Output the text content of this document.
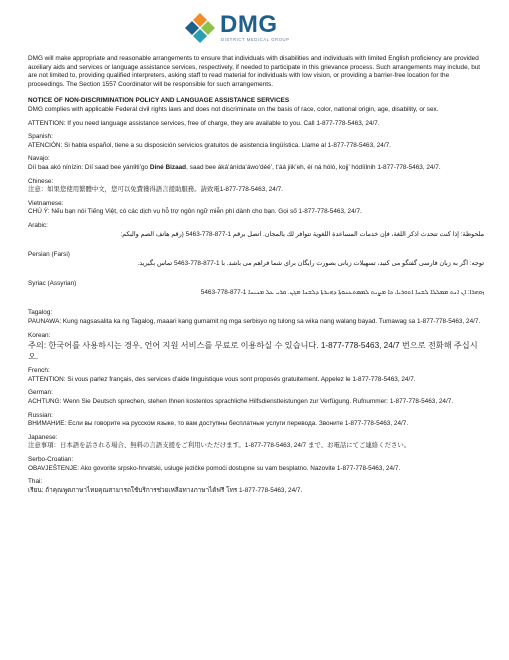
DMG
DISTRICT MEDICAL GROUP

DMG will make appropriate and reasonable arrangements to ensure that individuals with disabilities and individuals with limited English proficiency are provided auxiliary aids and services or language assistance services, respectively, if needed to participate in this grievance process. Such arrangements may include, but are not limited to, providing qualified interpreters, asking staff to read material for individuals with low vision, or providing a barrier-free location for the proceedings. The Section 1557 Coordinator will be responsible for such arrangements.

NOTICE OF NON-DISCRIMINATION POLICY AND LANGUAGE ASSISTANCE SERVICES

DMG complies with applicable Federal civil rights laws and does not discriminate on the basis of race, color, national origin, age, disability, or sex.

ATTENTION: If you need language assistance services, free of charge, they are available to you. Call 1-877-778-5463, 24/7.

Spanish:

ATENCIÓN: Si habla español, tiene a su disposición servicios gratuitos de asistencia lingüística. Llame al 1-877-778-5463, 24/7.

Navajo:

Díí baa akó nínízin: Díí saad bee yáníłti’go Diné Bizaad, saad bee áká’ánída’áwo’déé’, t’áá jiik’eh, éí ná hóló, kojį’ hódíílnih 1-877-778-5463, 24/7.

Chinese:

注意：如果您使用繁體中文，您可以免費獲得語言援助服務。請致電1-877-778-5463, 24/7.

Vietnamese:

CHÚ Ý: Nếu bạn nói Tiếng Việt, có các dịch vụ hỗ trợ ngôn ngữ miễn phí dành cho bạn. Gọi số 1-877-778-5463, 24/7.

Arabic:

ملحوظة: إذا كنت تتحدث اذكر اللغة، فإن خدمات المساعدة اللغوية تتوافر لك بالمجان. اتصل برقم 1-877-778-5463 (رقم هاتف الصم والبكم:

Persian (Farsi)

توجه: اگر به زبان فارسی گفتگو می کنید، تسهیلات زبانی بصورت رایگان برای شما فراهم می باشد. با 1-877-778-5463 تماس بگیرید.

Syriac (Assyrian)

ܙܘܗܪܐ: ܐܢ ܐܢܬ ܡܡܠܠܐ ܠܫܢܐ ܐܬܘܪܝܐ، ܟܐ ܡܨܝܬ ܠܡܣܬܥܢܘܬܐ ܕܗܝܪܬܐ ܕܠܫܢܐ ܡܓܢ. ܩܪܝ ܥܠ ܡܢܝܢܐ 1-877-778-5463

Tagalog:

PAUNAWA: Kung nagsasalita ka ng Tagalog, maaari kang gumamit ng mga serbisyo ng tulong sa wika nang walang bayad. Tumawag sa 1-877-778-5463, 24/7.

Korean:

주의: 한국어를 사용하시는 경우, 언어 지원 서비스를 무료로 이용하실 수 있습니다. 1-877-778-5463, 24/7 번으로 전화해 주십시오.

French:

ATTENTION: Si vous parlez français, des services d'aide linguistique vous sont proposés gratuitement. Appelez le 1-877-778-5463, 24/7.

German:

ACHTUNG: Wenn Sie Deutsch sprechen, stehen Ihnen kostenlos sprachliche Hilfsdienstleistungen zur Verfügung. Rufnummer: 1-877-778-5463, 24/7.

Russian:

ВНИМАНИЕ: Если вы говорите на русском языке, то вам доступны бесплатные услуги перевода. Звоните 1-877-778-5463, 24/7.

Japanese:

注意事項：日本語を話される場合、無料の言語支援をご利用いただけます。1-877-778-5463, 24/7 まで、お電話にてご連絡ください。

Serbo-Croatian:

OBAVJEŠTENJE: Ako govorite srpsko-hrvatski, usluge jezičke pomoći dostupne su vam besplatno. Nazovite 1-877-778-5463, 24/7.

Thai:

เรียน: ถ้าคุณพูดภาษาไทยคุณสามารถใช้บริการช่วยเหลือทางภาษาได้ฟรี โทร 1-877-778-5463, 24/7.
